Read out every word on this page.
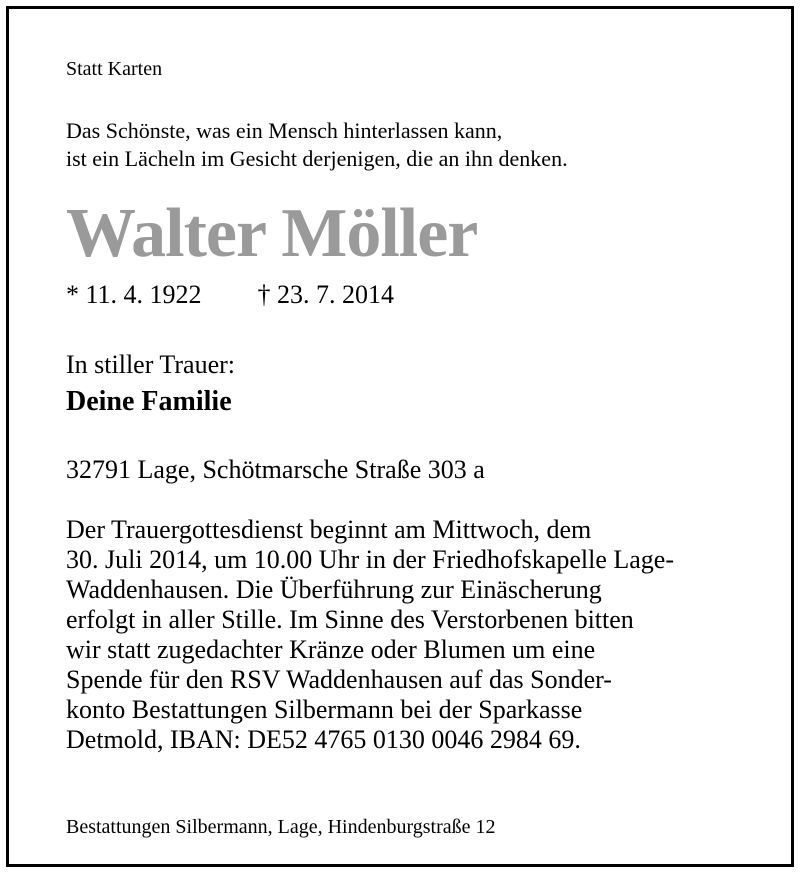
Statt Karten
Das Schönste, was ein Mensch hinterlassen kann,
ist ein Lächeln im Gesicht derjenigen, die an ihn denken.
Walter Möller
* 11. 4. 1922 † 23. 7. 2014
In stiller Trauer:
Deine Familie
32791 Lage, Schötmarsche Straße 303 a
Der Trauergottesdienst beginnt am Mittwoch, dem
30. Juli 2014, um 10.00 Uhr in der Friedhofskapelle Lage-
Waddenhausen. Die Überführung zur Einäscherung
erfolgt in aller Stille. Im Sinne des Verstorbenen bitten
wir statt zugedachter Kränze oder Blumen um eine
Spende für den RSV Waddenhausen auf das Sonder-
konto Bestattungen Silbermann bei der Sparkasse
Detmold, IBAN: DE52 4765 0130 0046 2984 69.
Bestattungen Silbermann, Lage, Hindenburgstraße 12
